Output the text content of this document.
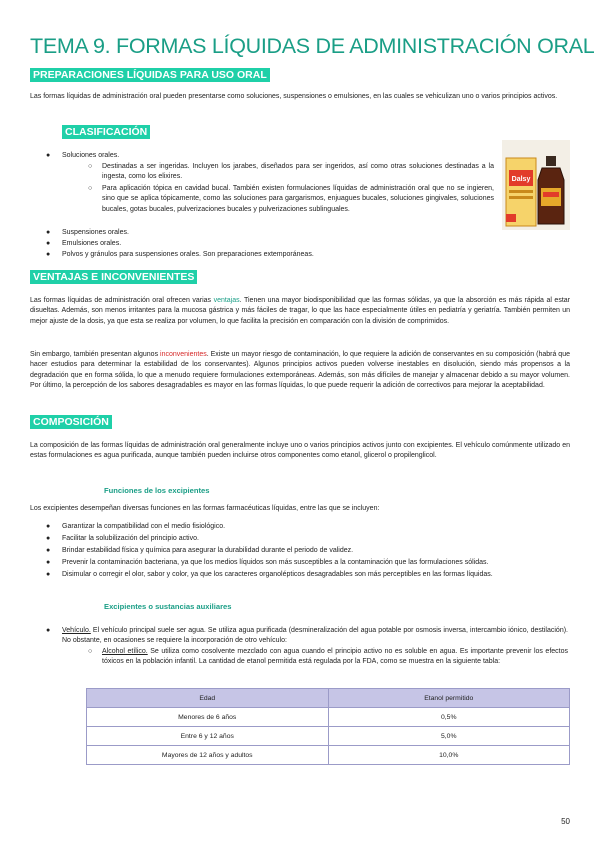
TEMA 9. FORMAS LÍQUIDAS DE ADMINISTRACIÓN ORAL
PREPARACIONES LÍQUIDAS PARA USO ORAL
Las formas líquidas de administración oral pueden presentarse como soluciones, suspensiones o emulsiones, en las cuales se vehiculizan uno o varios principios activos.
CLASIFICACIÓN
● Soluciones orales.
○ Destinadas a ser ingeridas. Incluyen los jarabes, diseñados para ser ingeridos, así como otras soluciones destinadas a la ingesta, como los elixires.
○ Para aplicación tópica en cavidad bucal. También existen formulaciones líquidas de administración oral que no se ingieren, sino que se aplica tópicamente, como las soluciones para gargarismos, enjuagues bucales, soluciones gingivales, soluciones bucales, gotas bucales, pulverizaciones bucales y pulverizaciones sublinguales.
● Suspensiones orales.
● Emulsiones orales.
● Polvos y gránulos para suspensiones orales. Son preparaciones extemporáneas.
Dalsy
VENTAJAS E INCONVENIENTES
Las formas líquidas de administración oral ofrecen varias ventajas. Tienen una mayor biodisponibilidad que las formas sólidas, ya que la absorción es más rápida al estar disueltas. Además, son menos irritantes para la mucosa gástrica y más fáciles de tragar, lo que las hace especialmente útiles en pediatría y geriatría. También permiten un mejor ajuste de la dosis, ya que esta se realiza por volumen, lo que facilita la precisión en comparación con la división de comprimidos.
Sin embargo, también presentan algunos inconvenientes. Existe un mayor riesgo de contaminación, lo que requiere la adición de conservantes en su composición (habrá que hacer estudios para determinar la estabilidad de los conservantes). Algunos principios activos pueden volverse inestables en disolución, siendo más propensos a la degradación que en forma sólida, lo que a menudo requiere formulaciones extemporáneas. Además, son más difíciles de manejar y almacenar debido a su mayor volumen. Por último, la percepción de los sabores desagradables es mayor en las formas líquidas, lo que puede requerir la adición de correctivos para mejorar la aceptabilidad.
COMPOSICIÓN
La composición de las formas líquidas de administración oral generalmente incluye uno o varios principios activos junto con excipientes. El vehículo comúnmente utilizado en estas formulaciones es agua purificada, aunque también pueden incluirse otros componentes como etanol, glicerol o propilenglicol.
Funciones de los excipientes
Los excipientes desempeñan diversas funciones en las formas farmacéuticas líquidas, entre las que se incluyen:
● Garantizar la compatibilidad con el medio fisiológico.
● Facilitar la solubilización del principio activo.
● Brindar estabilidad física y química para asegurar la durabilidad durante el periodo de validez.
● Prevenir la contaminación bacteriana, ya que los medios líquidos son más susceptibles a la contaminación que las formulaciones sólidas.
● Disimular o corregir el olor, sabor y color, ya que los caracteres organolépticos desagradables son más perceptibles en las formas líquidas.
Excipientes o sustancias auxiliares
● Vehículo. El vehículo principal suele ser agua. Se utiliza agua purificada (desmineralización del agua potable por osmosis inversa, intercambio iónico, destilación). No obstante, en ocasiones se requiere la incorporación de otro vehículo:
○ Alcohol etílico. Se utiliza como cosolvente mezclado con agua cuando el principio activo no es soluble en agua. Es importante prevenir los efectos tóxicos en la población infantil. La cantidad de etanol permitida está regulada por la FDA, como se muestra en la siguiente tabla:
Edad	Etanol permitido
Menores de 6 años	0,5%
Entre 6 y 12 años	5,0%
Mayores de 12 años y adultos	10,0%
50
